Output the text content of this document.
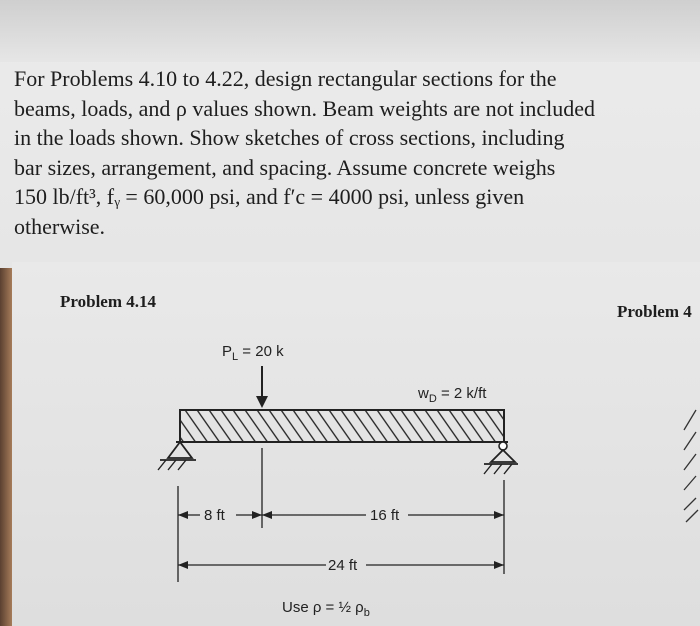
For Problems 4.10 to 4.22, design rectangular sections for the
beams, loads, and ρ values shown. Beam weights are not included
in the loads shown. Show sketches of cross sections, including
bar sizes, arrangement, and spacing. Assume concrete weighs
150 lb/ft³, fᵧ = 60,000 psi, and f′c = 4000 psi, unless given
otherwise.
Problem 4.14
Problem 4
$P_L = 20$ k
$w_D = 2$ k/ft
8 ft	16 ft
24 ft
Use ρ = ½ $\rho_b$
